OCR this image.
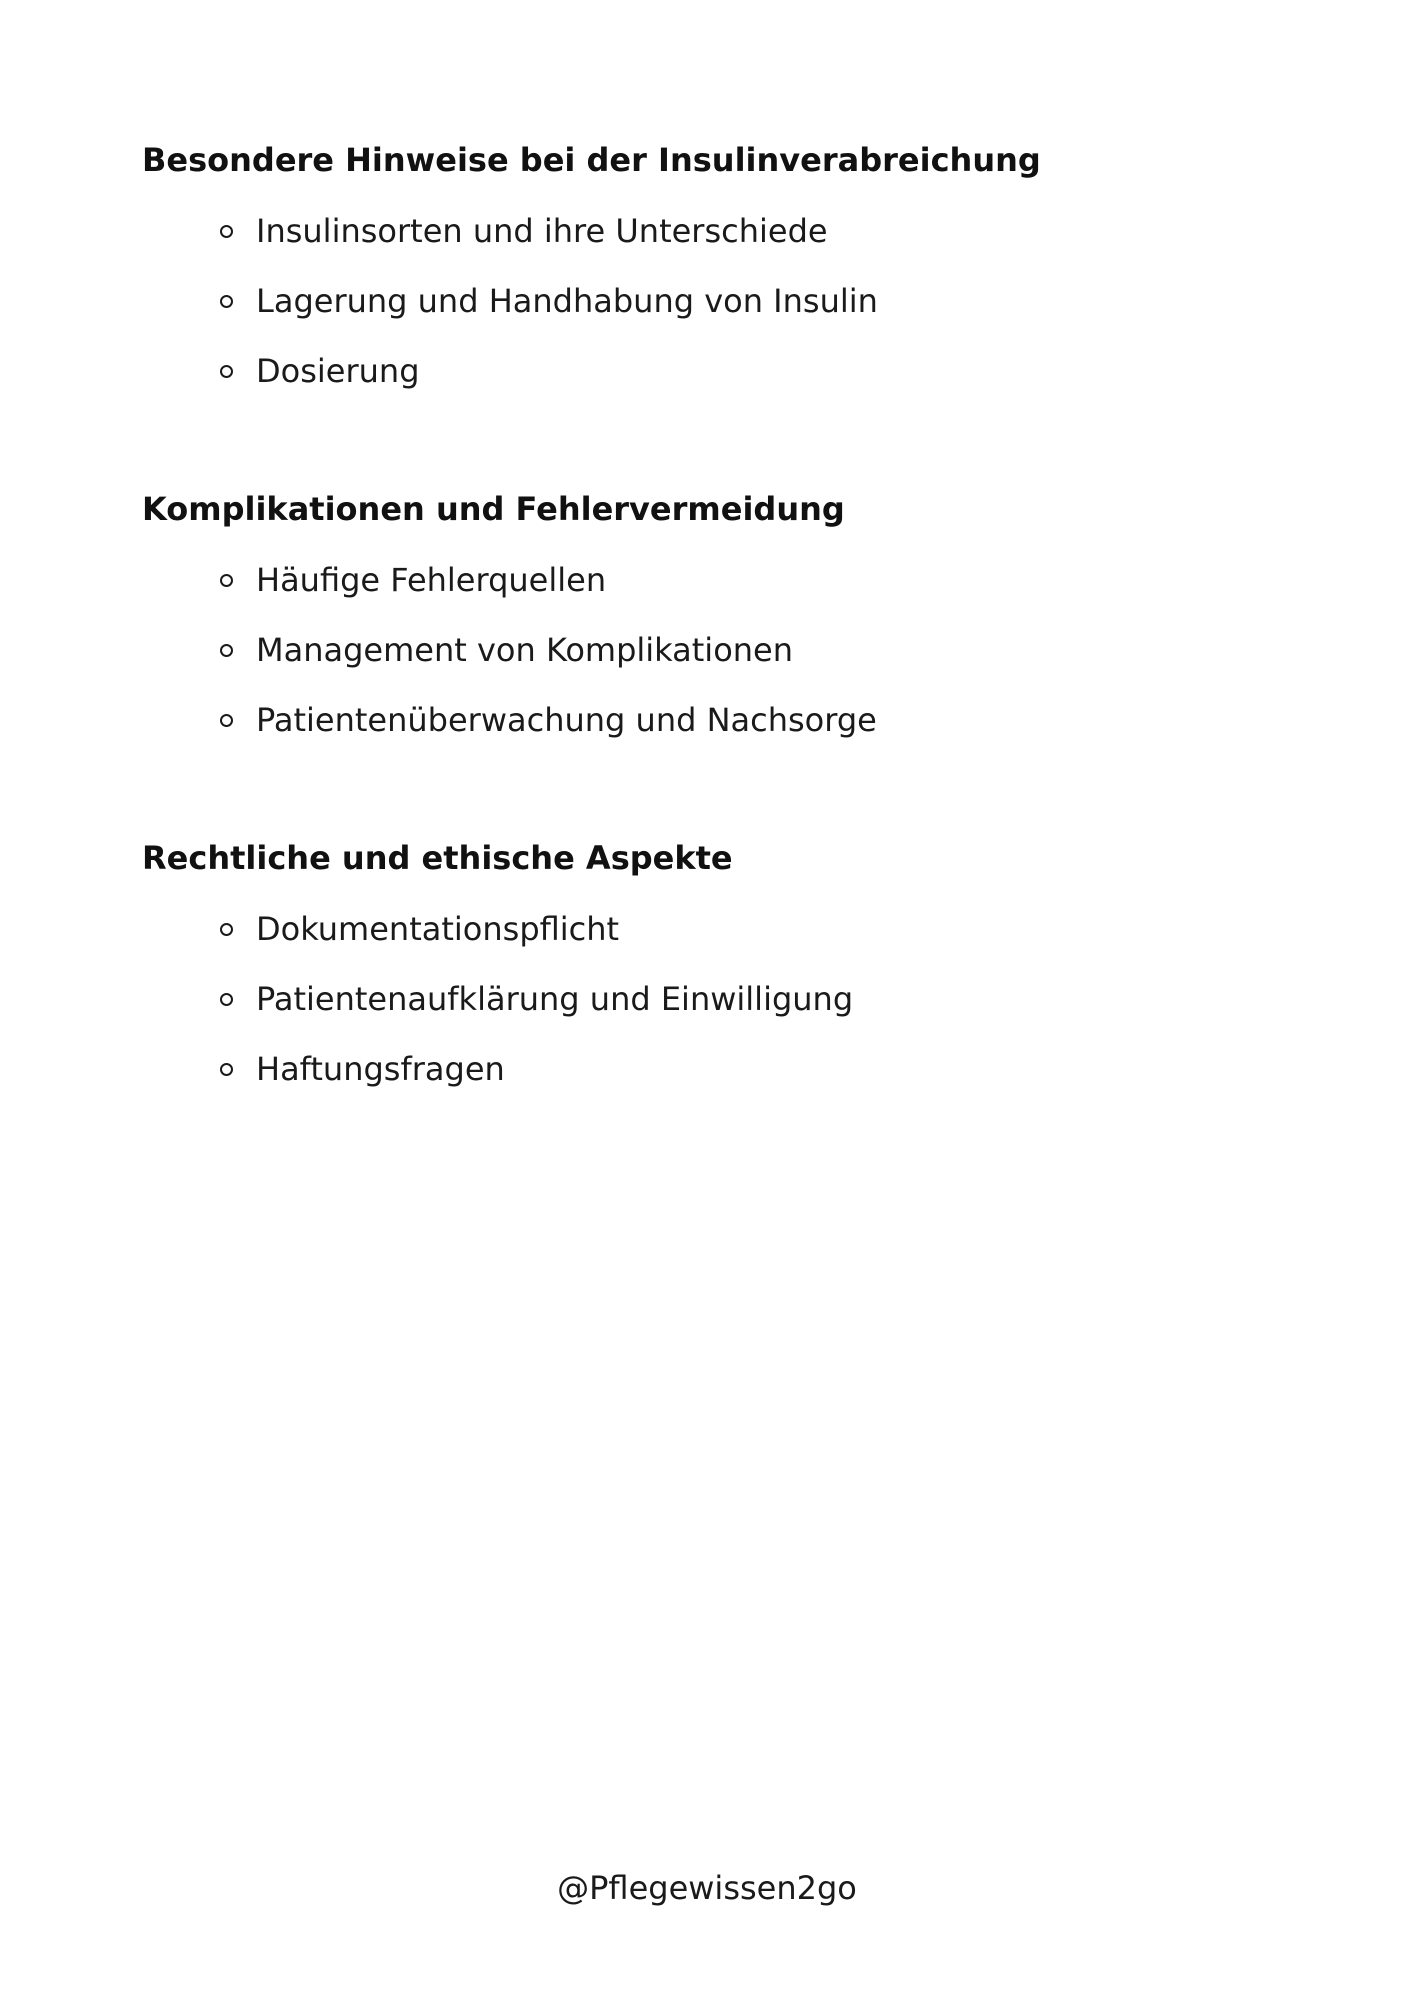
Besondere Hinweise bei der Insulinverabreichung
Insulinsorten und ihre Unterschiede
Lagerung und Handhabung von Insulin
Dosierung
Komplikationen und Fehlervermeidung
Häufige Fehlerquellen
Management von Komplikationen
Patientenüberwachung und Nachsorge
Rechtliche und ethische Aspekte
Dokumentationspflicht
Patientenaufklärung und Einwilligung
Haftungsfragen
@Pflegewissen2go
